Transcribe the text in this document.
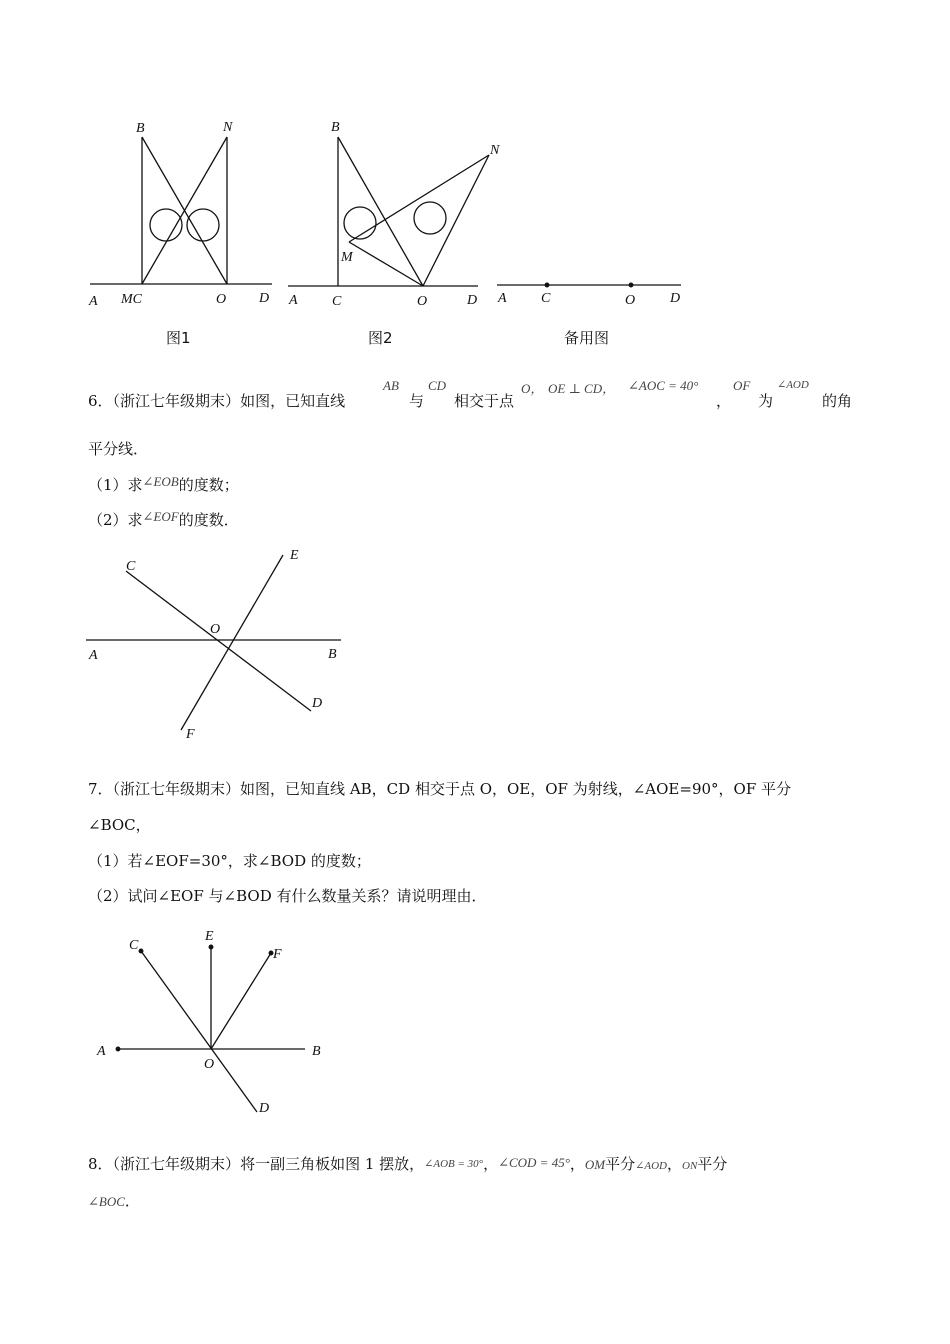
B	N
A MC	O D
图1
B
N
M
A C	O	D
图2
A C	O D
备用图
6．（浙江七年级期末）如图，已知直线
AB
与
CD
相交于点
O， OE ⊥ CD， ∠AOC = 40°
，
OF
为
∠AOD
的角
平分线．
（1）求∠EOB的度数；
（2）求∠EOF的度数．
C
E
O
A	B
D
F
7．（浙江七年级期末）如图，已知直线 AB，CD 相交于点 O，OE，OF 为射线，∠AOE=90°，OF 平分
∠BOC，
（1）若∠EOF=30°，求∠BOD 的度数；
（2）试问∠EOF 与∠BOD 有什么数量关系？请说明理由．
C
E
F
A
O
B
D
8．（浙江七年级期末）将一副三角板如图 1 摆放，∠AOB = 30°，∠COD = 45°，OM平分∠AOD，ON平分
∠BOC．
